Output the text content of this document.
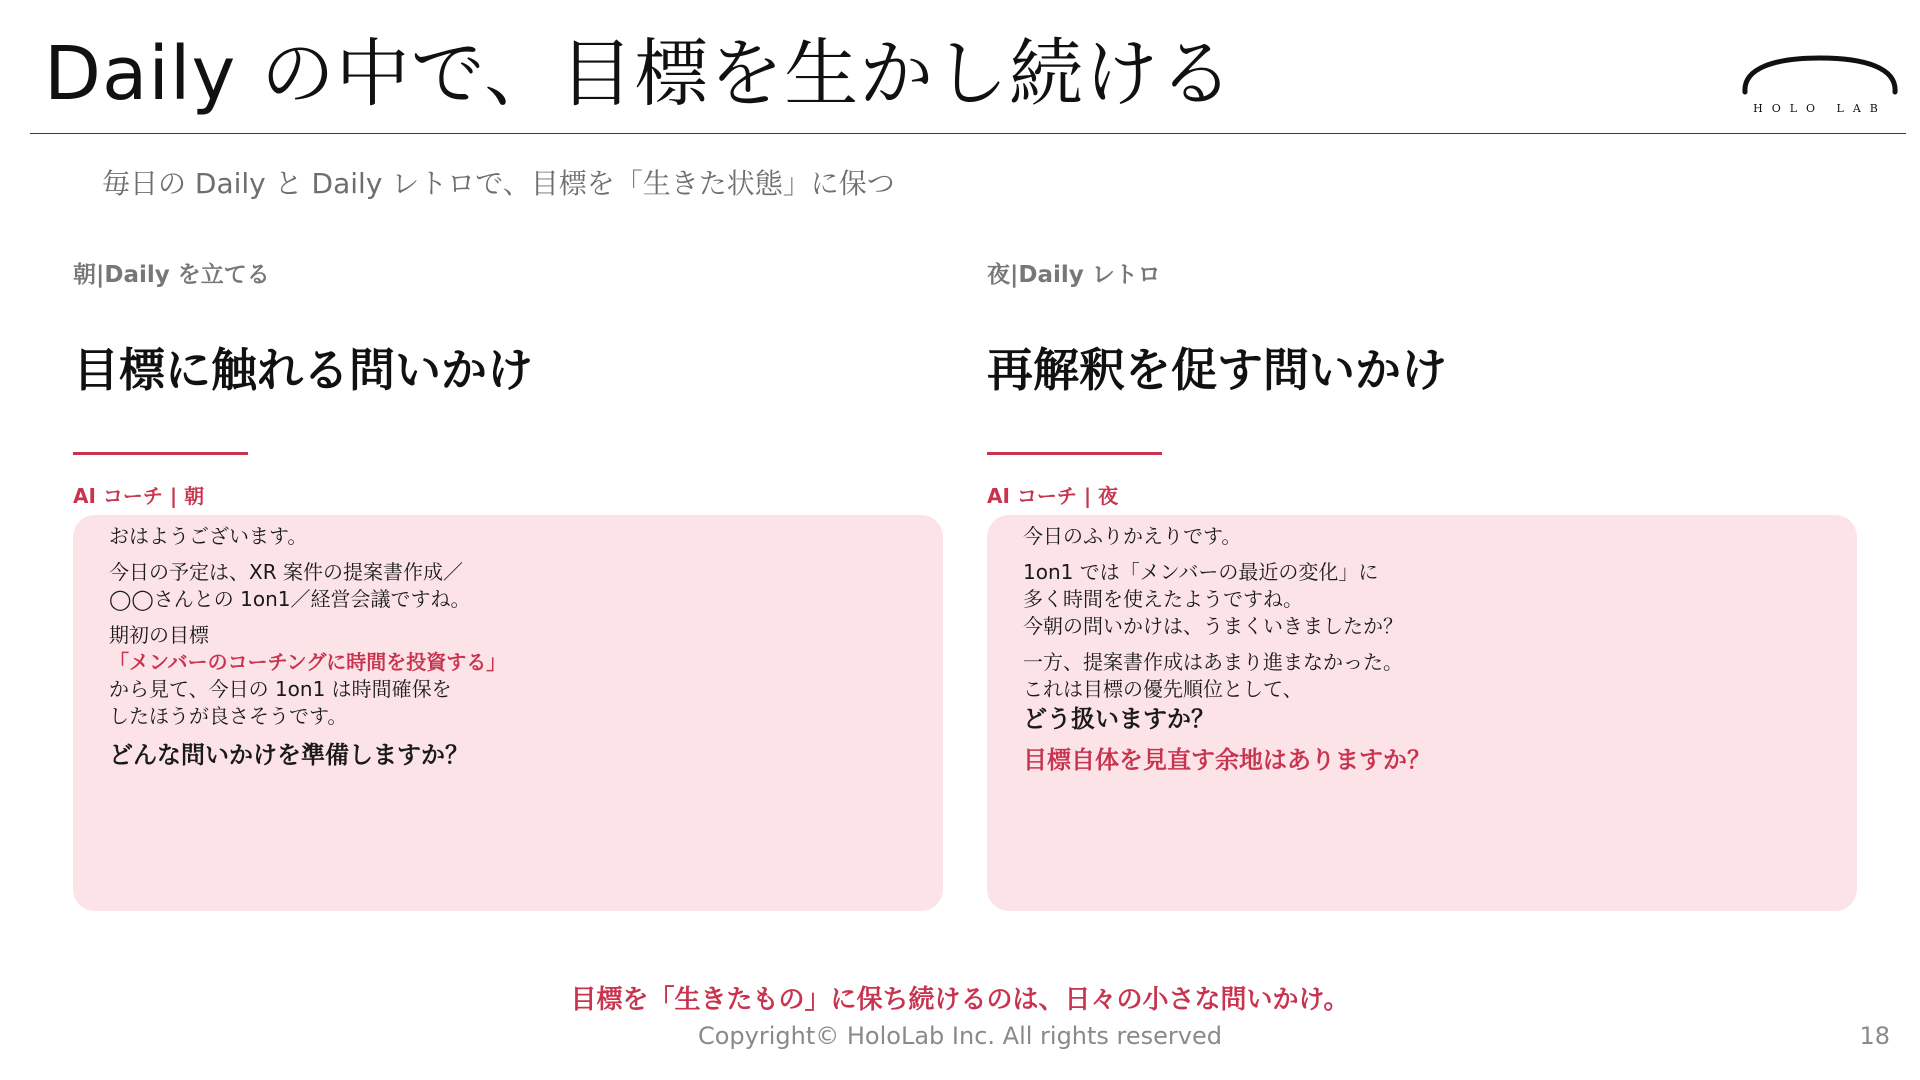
Daily の中で、目標を生かし続ける	HOLO LAB
毎日の Daily と Daily レトロで、目標を「生きた状態」に保つ
朝|Daily を立てる
目標に触れる問いかけ
AI コーチ | 朝

おはようございます。

今日の予定は、XR 案件の提案書作成／

◯◯さんとの 1on1／経営会議ですね。

期初の目標

「メンバーのコーチングに時間を投資する」

から見て、今日の 1on1 は時間確保を

したほうが良さそうです。

どんな問いかけを準備しますか？

夜|Daily レトロ
再解釈を促す問いかけ
AI コーチ | 夜

今日のふりかえりです。

1on1 では「メンバーの最近の変化」に

多く時間を使えたようですね。

今朝の問いかけは、うまくいきましたか？

一方、提案書作成はあまり進まなかった。

これは目標の優先順位として、

どう扱いますか？

目標自体を見直す余地はありますか？

目標を「生きたもの」に保ち続けるのは、日々の小さな問いかけ。
Copyright© HoloLab Inc. All rights reserved	18
